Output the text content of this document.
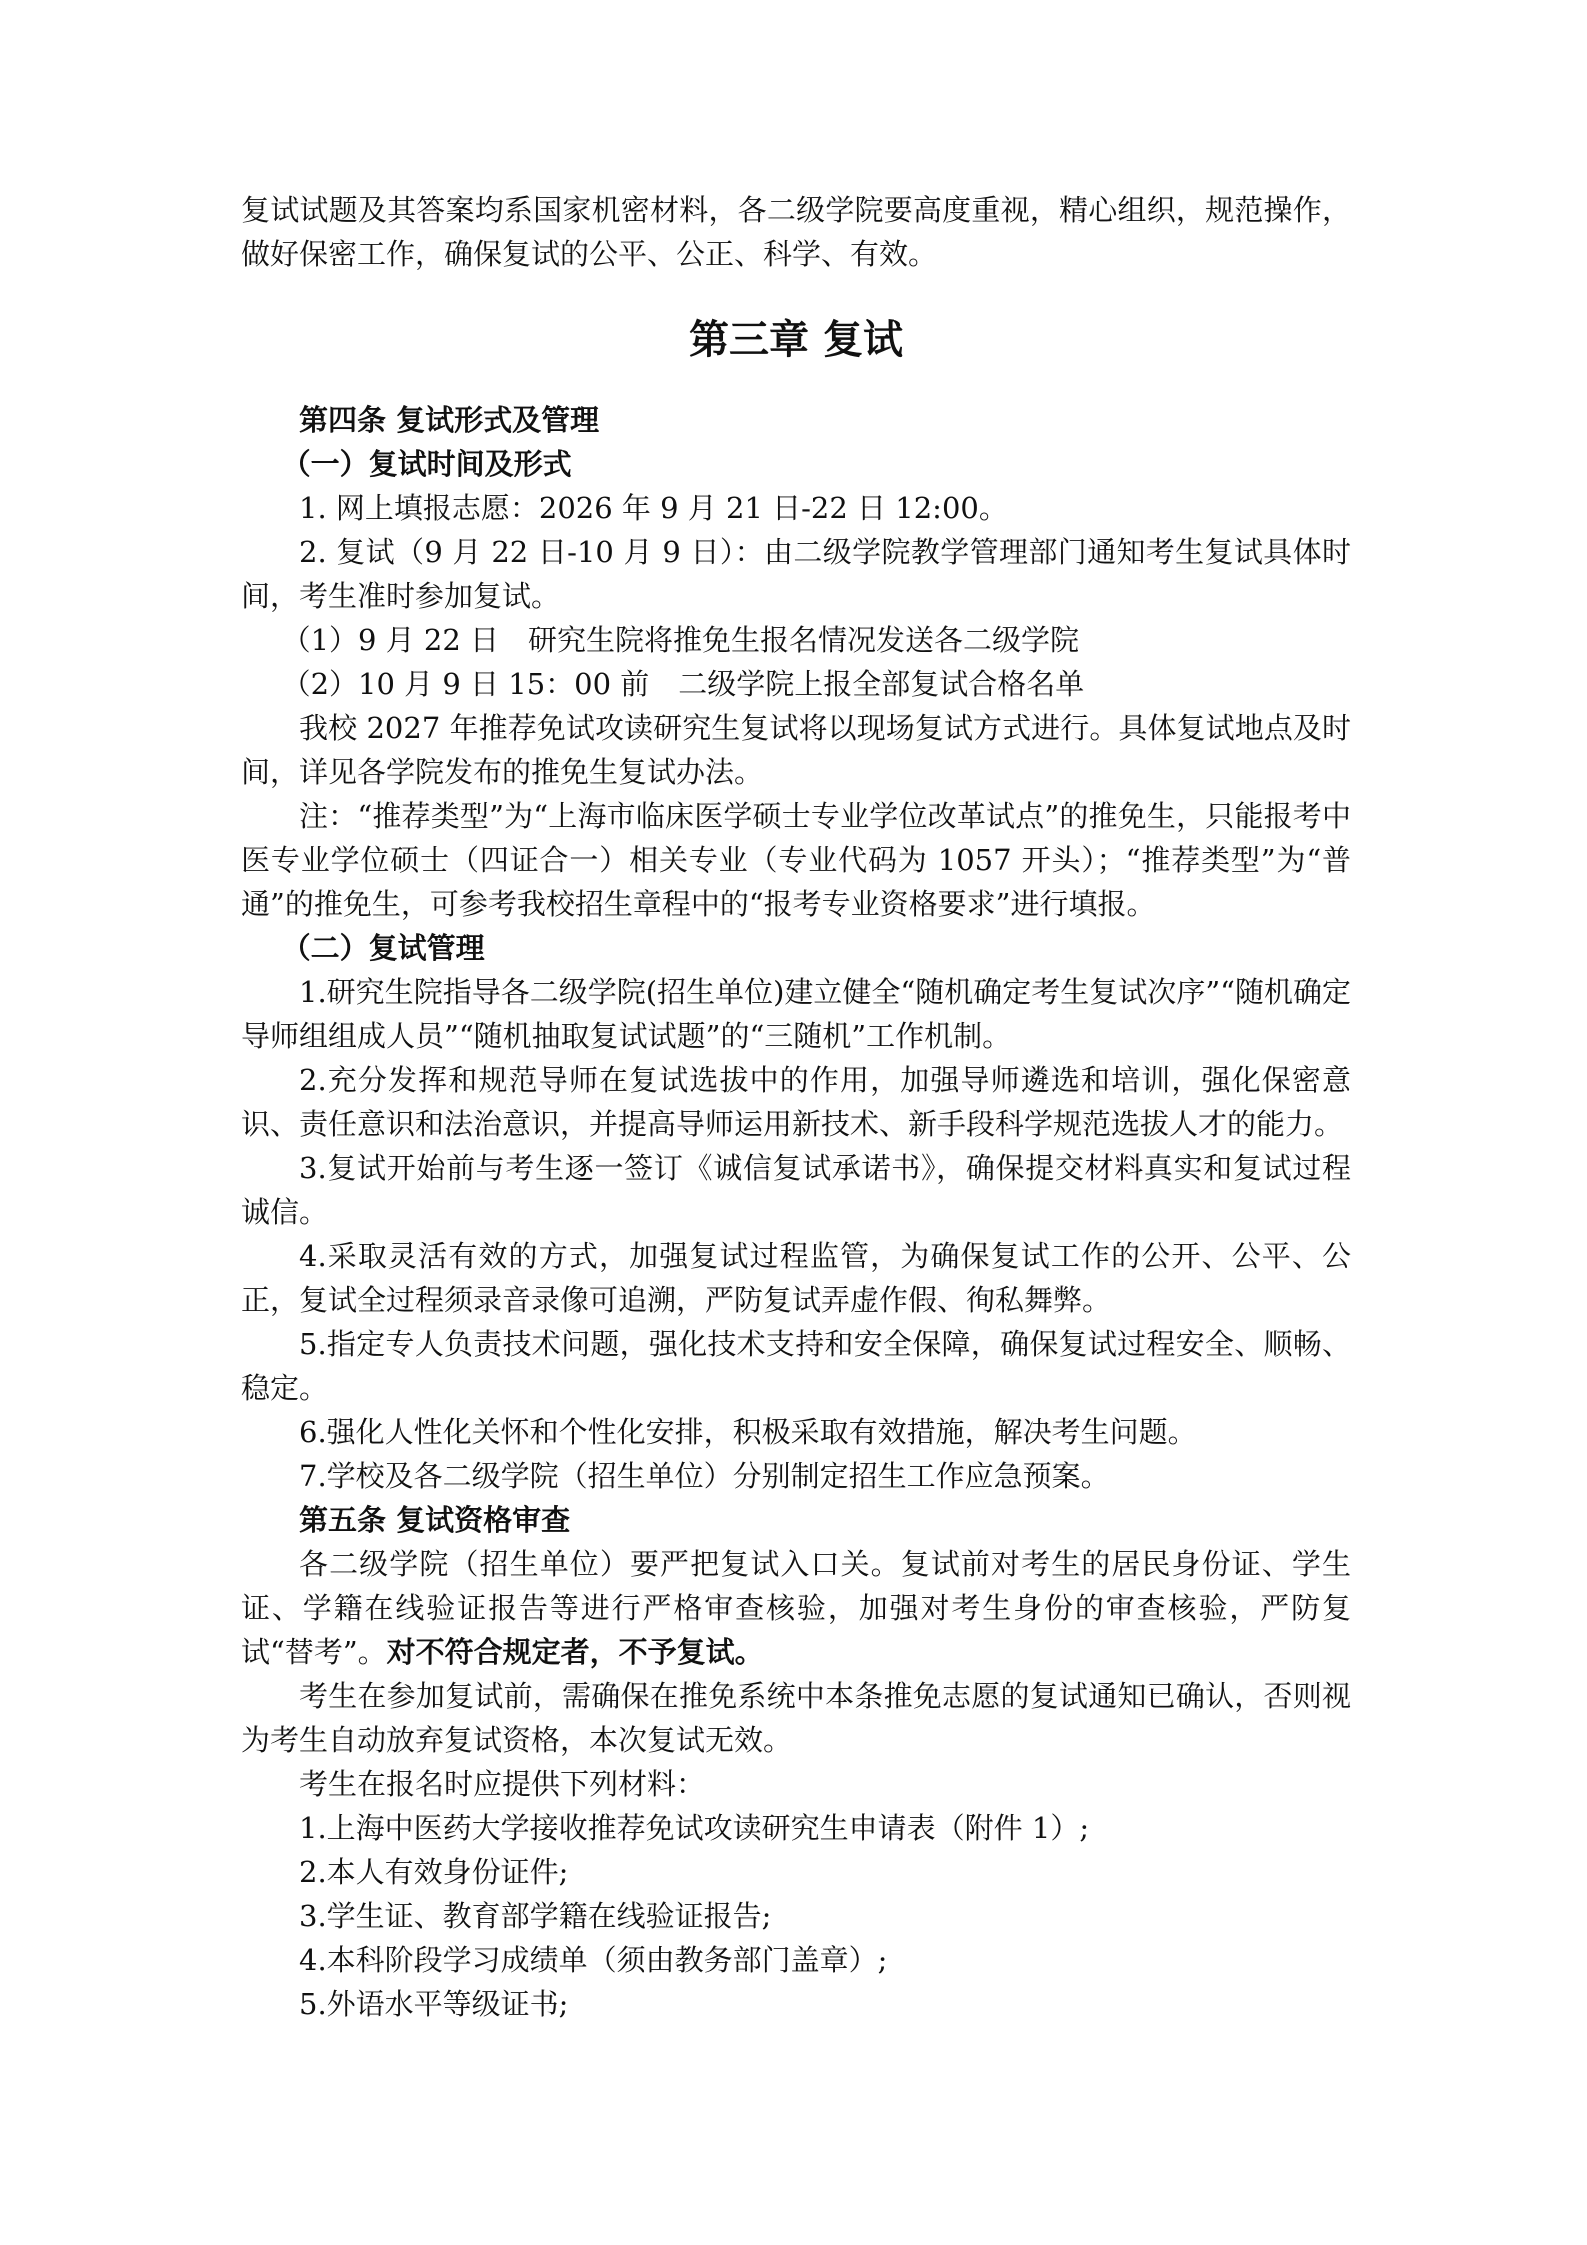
复试试题及其答案均系国家机密材料，各二级学院要高度重视，精心组织，规范操作，做好保密工作，确保复试的公平、公正、科学、有效。

第三章 复试

第四条 复试形式及管理

（一）复试时间及形式

1. 网上填报志愿：2026 年 9 月 21 日-22 日 12:00。

2. 复试（9 月 22 日-10 月 9 日）：由二级学院教学管理部门通知考生复试具体时间，考生准时参加复试。

（1）9 月 22 日　研究生院将推免生报名情况发送各二级学院

（2）10 月 9 日 15：00 前　二级学院上报全部复试合格名单

我校 2027 年推荐免试攻读研究生复试将以现场复试方式进行。具体复试地点及时间，详见各学院发布的推免生复试办法。

注：“推荐类型”为“上海市临床医学硕士专业学位改革试点”的推免生，只能报考中医专业学位硕士（四证合一）相关专业（专业代码为 1057 开头）；“推荐类型”为“普通”的推免生，可参考我校招生章程中的“报考专业资格要求”进行填报。

（二）复试管理

1.研究生院指导各二级学院(招生单位)建立健全“随机确定考生复试次序”“随机确定导师组组成人员”“随机抽取复试试题”的“三随机”工作机制。

2.充分发挥和规范导师在复试选拔中的作用，加强导师遴选和培训，强化保密意识、责任意识和法治意识，并提高导师运用新技术、新手段科学规范选拔人才的能力。

3.复试开始前与考生逐一签订《诚信复试承诺书》，确保提交材料真实和复试过程诚信。

4.采取灵活有效的方式，加强复试过程监管，为确保复试工作的公开、公平、公正，复试全过程须录音录像可追溯，严防复试弄虚作假、徇私舞弊。

5.指定专人负责技术问题，强化技术支持和安全保障，确保复试过程安全、顺畅、稳定。

6.强化人性化关怀和个性化安排，积极采取有效措施，解决考生问题。

7.学校及各二级学院（招生单位）分别制定招生工作应急预案。

第五条 复试资格审查

各二级学院（招生单位）要严把复试入口关。复试前对考生的居民身份证、学生证、学籍在线验证报告等进行严格审查核验，加强对考生身份的审查核验，严防复试“替考”。对不符合规定者，不予复试。

考生在参加复试前，需确保在推免系统中本条推免志愿的复试通知已确认，否则视为考生自动放弃复试资格，本次复试无效。

考生在报名时应提供下列材料：

1.上海中医药大学接收推荐免试攻读研究生申请表（附件 1）;

2.本人有效身份证件;

3.学生证、教育部学籍在线验证报告;

4.本科阶段学习成绩单（须由教务部门盖章）;

5.外语水平等级证书;
